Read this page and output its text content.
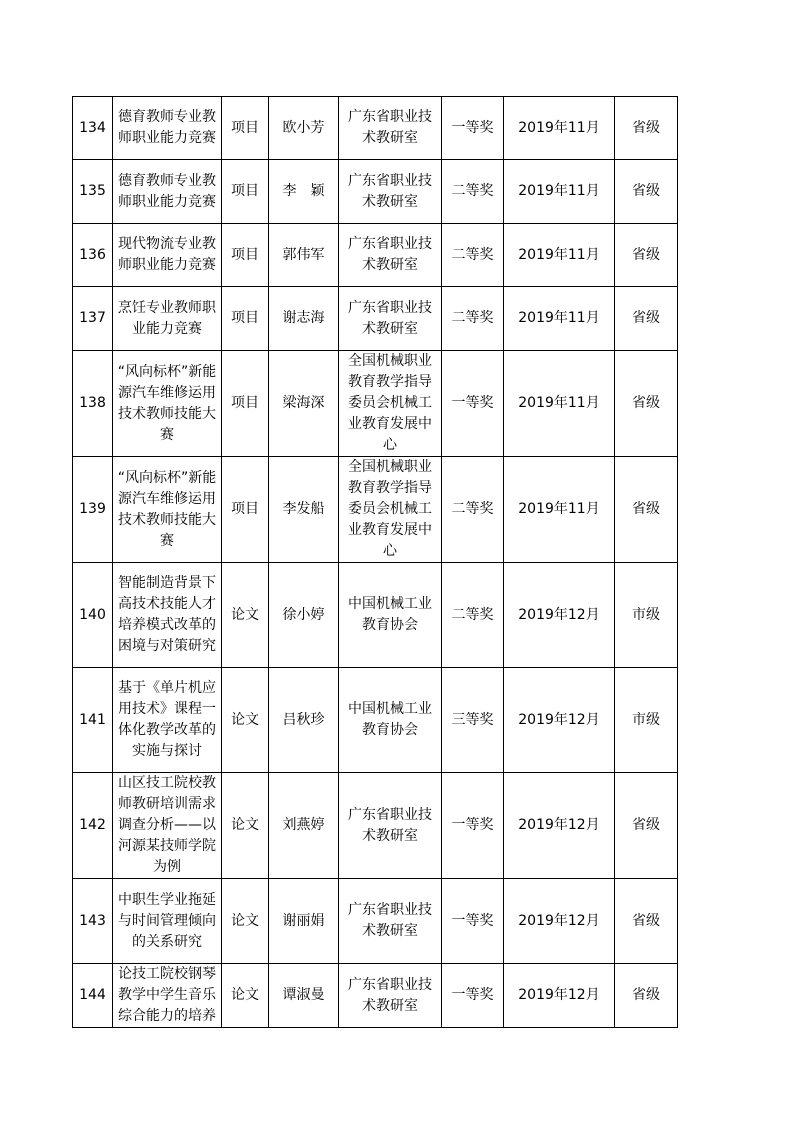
134	德育教师专业教师职业能力竞赛	项目	欧小芳	广东省职业技术教研室	一等奖	2019年11月	省级
135	德育教师专业教师职业能力竞赛	项目	李　颖	广东省职业技术教研室	二等奖	2019年11月	省级
136	现代物流专业教师职业能力竞赛	项目	郭伟军	广东省职业技术教研室	二等奖	2019年11月	省级
137	烹饪专业教师职业能力竞赛	项目	谢志海	广东省职业技术教研室	二等奖	2019年11月	省级
138	“风向标杯”新能源汽车维修运用技术教师技能大赛	项目	梁海深	全国机械职业教育教学指导委员会机械工业教育发展中心	一等奖	2019年11月	省级
139	“风向标杯”新能源汽车维修运用技术教师技能大赛	项目	李发船	全国机械职业教育教学指导委员会机械工业教育发展中心	二等奖	2019年11月	省级
140	智能制造背景下高技术技能人才培养模式改革的困境与对策研究	论文	徐小婷	中国机械工业教育协会	二等奖	2019年12月	市级
141	基于《单片机应用技术》课程一体化教学改革的实施与探讨	论文	吕秋珍	中国机械工业教育协会	三等奖	2019年12月	市级
142	山区技工院校教师教研培训需求调查分析——以河源某技师学院为例	论文	刘燕婷	广东省职业技术教研室	一等奖	2019年12月	省级
143	中职生学业拖延与时间管理倾向的关系研究	论文	谢丽娟	广东省职业技术教研室	一等奖	2019年12月	省级
144	论技工院校钢琴教学中学生音乐综合能力的培养	论文	谭淑曼	广东省职业技术教研室	一等奖	2019年12月	省级
